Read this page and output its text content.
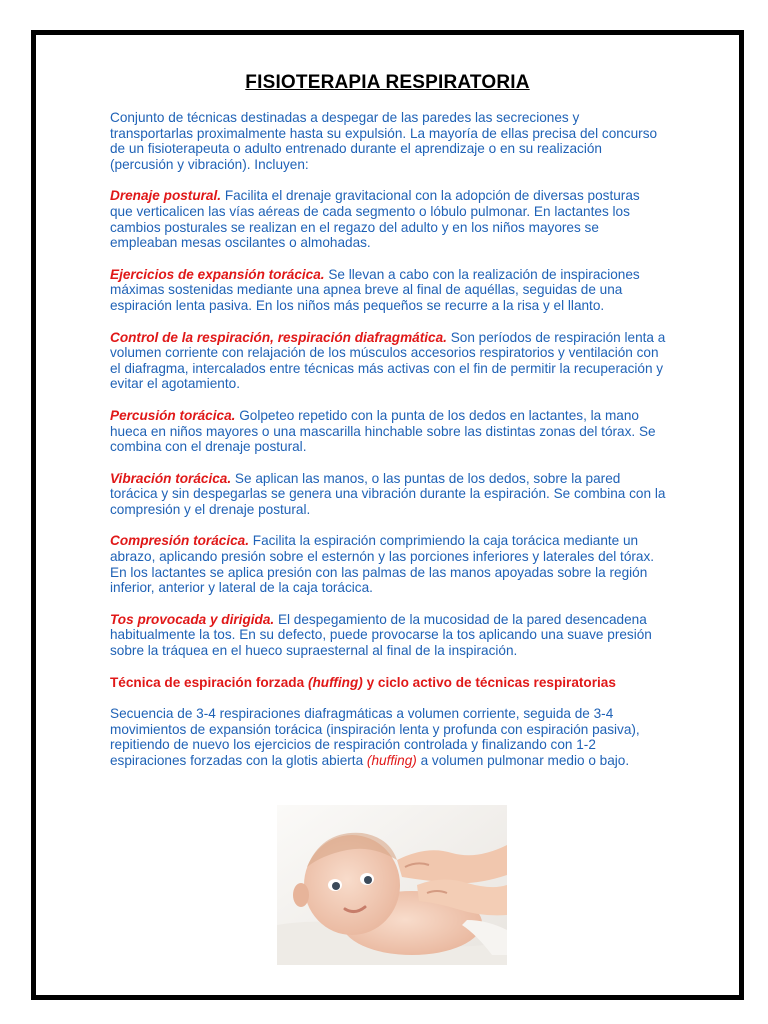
FISIOTERAPIA RESPIRATORIA

Conjunto de técnicas destinadas a despegar de las paredes las secreciones y transportarlas proximalmente hasta su expulsión. La mayoría de ellas precisa del concurso de un fisioterapeuta o adulto entrenado durante el aprendizaje o en su realización (percusión y vibración). Incluyen:

Drenaje postural. Facilita el drenaje gravitacional con la adopción de diversas posturas que verticalicen las vías aéreas de cada segmento o lóbulo pulmonar. En lactantes los cambios posturales se realizan en el regazo del adulto y en los niños mayores se empleaban mesas oscilantes o almohadas.

Ejercicios de expansión torácica. Se llevan a cabo con la realización de inspiraciones máximas sostenidas mediante una apnea breve al final de aquéllas, seguidas de una espiración lenta pasiva. En los niños más pequeños se recurre a la risa y el llanto.

Control de la respiración, respiración diafragmática. Son períodos de respiración lenta a volumen corriente con relajación de los músculos accesorios respiratorios y ventilación con el diafragma, intercalados entre técnicas más activas con el fin de permitir la recuperación y evitar el agotamiento.

Percusión torácica. Golpeteo repetido con la punta de los dedos en lactantes, la mano hueca en niños mayores o una mascarilla hinchable sobre las distintas zonas del tórax. Se combina con el drenaje postural.

Vibración torácica. Se aplican las manos, o las puntas de los dedos, sobre la pared torácica y sin despegarlas se genera una vibración durante la espiración. Se combina con la compresión y el drenaje postural.

Compresión torácica. Facilita la espiración comprimiendo la caja torácica mediante un abrazo, aplicando presión sobre el esternón y las porciones inferiores y laterales del tórax. En los lactantes se aplica presión con las palmas de las manos apoyadas sobre la región inferior, anterior y lateral de la caja torácica.

Tos provocada y dirigida. El despegamiento de la mucosidad de la pared desencadena habitualmente la tos. En su defecto, puede provocarse la tos aplicando una suave presión sobre la tráquea en el hueco supraesternal al final de la inspiración.

Técnica de espiración forzada (huffing) y ciclo activo de técnicas respiratorias

Secuencia de 3-4 respiraciones diafragmáticas a volumen corriente, seguida de 3-4 movimientos de expansión torácica (inspiración lenta y profunda con espiración pasiva), repitiendo de nuevo los ejercicios de respiración controlada y finalizando con 1-2 espiraciones forzadas con la glotis abierta (huffing) a volumen pulmonar medio o bajo.
